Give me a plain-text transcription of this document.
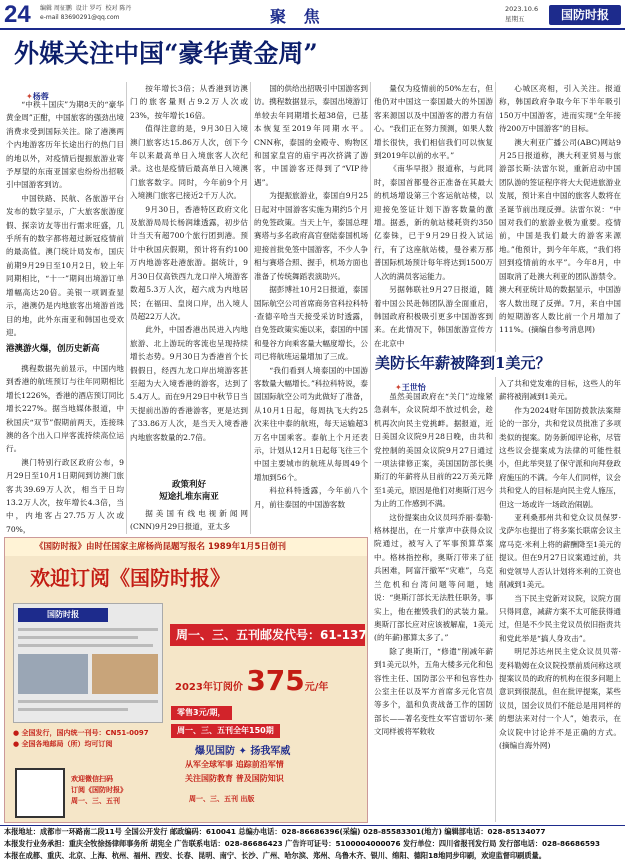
24 编辑 周征鹏  设计 罗巧  校对 陈丹
e-mail 83690291@qq.com	聚 焦	2023.10.6
星期五	国防时报
外媒关注中国“豪华黄金周”
✦ 杨蓉

“中秩＋国庆”为期8天的“豪华黄金周”正酣，中国旅客的强劲出境消费求受到国际关注。除了港澳两个内地游客历年长途出行的热门目的地以外，对疫情后提振旅游业寄予厚望的东南亚国家也纷纷出招吸引中国游客到访。

中国铁路、民航、各旅游平台发布的数字显示，广大旅客旅游度假、探亲访友等出行需求旺盛，几乎所有的数字都将超过新冠疫情前的最高值。澳门统计局发布，国庆前期9月29日至10月2日，较上年同期相比，“十一”期间出境游订单增幅高达20倍。美银一项调查显示，港澳仍是内地旅客出境游首选目的地，此外东南亚和韩国也受欢迎。

港澳游火爆，创历史新高

携程数据先前显示，中国内地到香港的航班预订与往年同期相比增长1226%，香港的酒店预订同比增长227%。据当地媒体报道，中秋国庆“双节”假期前两天，连接珠澳的各个出入口岸客流持续高位运行。

澳门特别行政区政府公布，9月29日至10月1日期间到访澳门旅客共39.69万人次，相当于日均13.2万人次，按年增长4.3倍，当中，内地客占27.75万人次或70%，

按年增长3倍；从香港到访澳门的旅客量则占9.2万人次或23%，按年增长16倍。

值得注意的是，9月30日入境澳门旅客达15.86万人次，创下今年以来最高单日入境旅客人次纪录。这也是疫情后最高单日入境澳门旅客数字。同时，今年前9个月入境澳门旅客已接近2千万人次。

9月30日，香港特区政府文化及旅游局局长杨润雄透露，初步估计当天有超700个旅行团到港。预计中秋国庆假期，预计将有约100万内地游客赴港旅游。据统计，9月30日仅高铁西九龙口岸入境游客数超5.3万人次，超六成为内地居民；在福田、皇岗口岸，出入境人员超22万人次。

此外，中国香港出民进入内地旅游、北上游玩的客流也呈现持续增长态势。9月30日为香港首个长假假日，经西九龙口岸出境游客甚至超为大入境香港的游客，达到了5.4万人。而在9月29日中秋节日当天提前出游的香港游客，更是达到了33.86万人次，是当天入境香港内地旅客数量的2.7倍。

政策利好
短途扎堆东南亚

据美国有线电视新闻网(CNN)9月29日报道，亚太多

国的供给出招吸引中国游客到访。携程数据显示，泰国出境游订单较去年同期增长超38倍，已基本恢复至2019年同期水平。CNN称，泰国的金殿寺、购物区和国家皇宫的庙宇再次挤满了游客，中国游客还得到了“VIP待遇”。

为提振旅游业，泰国自9月25日起对中国游客实施为期约5个月的免签政策。当天上午，泰国总理赛塔与多名政府高官登陆泰国机场迎接首批免签中国游客，不少人争相与赛塔合照、握手，机场方面也准备了传统舞蹈表演助兴。

据彭博社10月2日报道，泰国国际航空公司首席商务官科拉科特·查德辛哈当天接受采访时透露，自免签政策实施以来，泰国的中国和曼谷方向乘客量大幅度增长，公司已将航班运量增加了三成。

“我们看到人境泰国的中国游客数量大幅增长。”科拉科特说，泰国国际航空公司为此做好了准备，从10月1日起，每周执飞大约25次来往中泰的航班，每天运输超3万名中国乘客。泰航上个月还表示，计划从12月1日起每飞往三个中国主要城市的航班从每周49个增加到56个。

科拉科特透露，今年前八个月，前往泰国的中国游客数

量仅为疫情前的50%左右，但他仍对中国这一泰国最大的外国游客来源国以及中国游客的潜力有信心。“我们正在努力预测，如果人数增长很快，我们相信我们可以恢复到2019年以前的水平。”

《南华早报》报道称，与此同时，泰国首都曼谷正准备在其最大的机场增设第三个客运航站楼，以迎接免签证计划下游客数量的激增。据悉，新的航站楼耗资约350亿泰铢，已于9月29日投入试运行，有了这座航站楼，曼谷素万那普国际机场预计每年将达到1500万人次的满员客运能力。

另据韩联社9月27日报道，随着中国公民赴韩团队游全面重启，韩国政府积极吸引更多中国游客到来。在此情况下，韩国旅游宣传方在北京中

心城区亮相，引入关注。报道称，韩国政府争取今年下半年吸引150万中国游客，进而实现“全年接待200万中国游客”的目标。

澳大利亚广播公司(ABC)网站9月25日报道称，澳大利亚贸易与旅游部长斯·法雷尔说，重新启动中国团队游的签证程序将大大促进旅游业发展，预计来自中国的旅客人数将在圣诞节前出现反弹。法雷尔说：“中国对我们的旅游业极为重要。疫情前，中国是我们最大的游客来源地。”他预计，到今年年底，“我们将回到疫情前的水平”。今年8月，中国取消了赴澳大利亚的团队游禁令。澳大利亚统计局的数据显示，中国游客人数出现了反弹。7月，来自中国的短期游客人数比前一个月增加了111%。(摘编自参考消息网)

美防长年薪被降到1美元？
✦ 王世怡

虽然美国政府在“关门”边缘紧急刹车，众议院却不放过机会，趁机再次向民主党挑衅。据报道，近日美国众议院9月28日晚，由共和党控制的美国众议院9月27日通过一项法律修正案，美国国防部长奥斯汀的年薪将从目前的22万美元降至1美元，原因是他们对奥斯汀迟今为止的工作感到不满。

这份提案由众议员玛乔丽·泰勒·格林提出，在一片掌声中获得众议院通过，被写入了军事预算草案中。格林指控称，奥斯汀带来了征兵困难，阿富汗撤军“灾难”，乌克兰危机和台湾问题等问题，她说：“奥斯汀部长无法胜任职务，事实上，他在摧毁我们的武装力量。奥斯汀部长应对应该被解雇，1美元(的年薪)都算太多了。”

除了奥斯汀，“修遣”削减年薪到1美元以外，五角大楼多元化和包容性主任、国防部公平和包容性办公室主任以及军方首席多元化官员等多个，温和负责战备工作的国防部长——著名变性女军官雷切尔·莱文同样被将军敕收

入了共和党发难的目标，这些人的年薪将被削减到1美元。

作为2024财年国防拨款法案辩论的一部分，共和党议员批准了多项类似的提案。防务新闻评论称，尽管这些议会提案成为法律的可能性很小，但此举突显了保守派和向拜登政府施压的不满。今年人们同样，议会共和党人的目标是向民主党人施压，但这一场或许一场政治闹剧。

亚利桑那州共和党众议员保罗·戈萨尔也提出了将多案长联席会议主席马克·米利上将的薪酬降至1美元的提议。但在9月27日议案通过前，共和党领导人否认计划将米利的工资也削减到1美元。

当下民主党新对议院，议院方面只得同意，减薪方案不太可能获得通过，但是不少民主党议员依旧指责共和党此举是“搞人身攻击”。

明尼苏达州民主党众议员贝蒂·麦科勒姆在众议院投票前质问称这项提案议员的政府的机构在很多问题上意识到很混乱，但在批评提案，某些议员，国会议员们不能总是用同样的的想法来对付一个人”，她表示，在众议院中讨论并不是正确的方式。(摘编自海外网)

《国防时报》由时任国家主席杨尚昆题写报名 1989年1月5日创刊
欢迎订阅《国防时报》
国防时报
周一、三、五刊邮发代号：61-137
2023年订阅价 375元/年
零售3元/期，
周一、三、五刊全年150期
● 全国发行，国内统一刊号：CN51-0097
● 全国各地邮局（所）均可订阅
欢迎微信扫码
订阅《国防时报》
周一、三、五刊
爆见国防 ✦ 扬我军威
从军全球军事 追踪前沿军情
关注国防教育 普及国防知识
周一、三、五刊 出版
本报地址：成都市一环路南二段11号 全国公开发行 邮政编码：610041 总编办电话：028-86686396(采编) 028-85583301(地方) 编辑部电话：028-85134077
本报发行业务承担：重庆全牧徐扬律师事务所 胡宪全 广告联系电话：028-86686423 广告许可证号：5100004000076 发行单位：四川省报刊发行局 发行部电话：028-86686593
本报在成都、重庆、北京、上海、杭州、福州、西安、长春、昆明、南宁、长沙、广州、哈尔滨、郑州、乌鲁木齐、银川、绵阳、德阳18地同步印刷，欢迎监督印刷质量。
